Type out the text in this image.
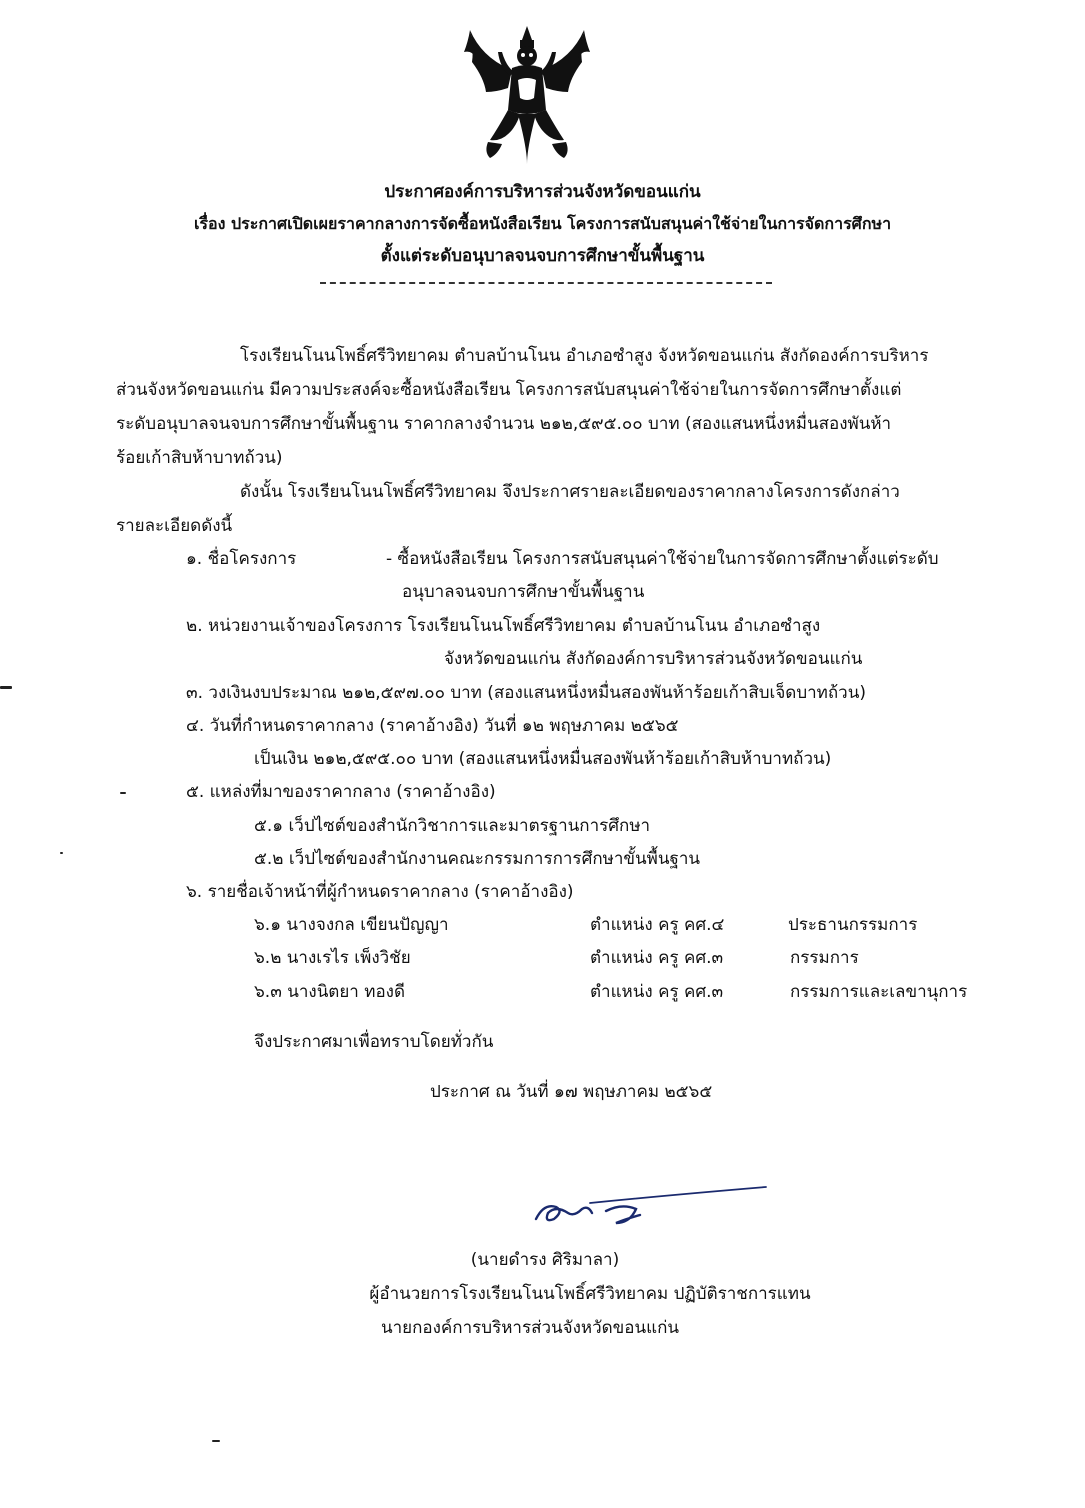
ประกาศองค์การบริหารส่วนจังหวัดขอนแก่น
เรื่อง ประกาศเปิดเผยราคากลางการจัดซื้อหนังสือเรียน โครงการสนับสนุนค่าใช้จ่ายในการจัดการศึกษา
ตั้งแต่ระดับอนุบาลจนจบการศึกษาขั้นพื้นฐาน
โรงเรียนโนนโพธิ์ศรีวิทยาคม ตำบลบ้านโนน อำเภอซำสูง จังหวัดขอนแก่น สังกัดองค์การบริหาร
ส่วนจังหวัดขอนแก่น มีความประสงค์จะซื้อหนังสือเรียน โครงการสนับสนุนค่าใช้จ่ายในการจัดการศึกษาตั้งแต่
ระดับอนุบาลจนจบการศึกษาขั้นพื้นฐาน ราคากลางจำนวน ๒๑๒,๕๙๕.๐๐ บาท (สองแสนหนึ่งหมื่นสองพันห้า
ร้อยเก้าสิบห้าบาทถ้วน)
ดังนั้น โรงเรียนโนนโพธิ์ศรีวิทยาคม จึงประกาศรายละเอียดของราคากลางโครงการดังกล่าว
รายละเอียดดังนี้
๑. ชื่อโครงการ	- ซื้อหนังสือเรียน โครงการสนับสนุนค่าใช้จ่ายในการจัดการศึกษาตั้งแต่ระดับ
อนุบาลจนจบการศึกษาขั้นพื้นฐาน
๒. หน่วยงานเจ้าของโครงการ โรงเรียนโนนโพธิ์ศรีวิทยาคม ตำบลบ้านโนน อำเภอซำสูง
จังหวัดขอนแก่น สังกัดองค์การบริหารส่วนจังหวัดขอนแก่น
๓. วงเงินงบประมาณ ๒๑๒,๕๙๗.๐๐ บาท (สองแสนหนึ่งหมื่นสองพันห้าร้อยเก้าสิบเจ็ดบาทถ้วน)
๔. วันที่กำหนดราคากลาง (ราคาอ้างอิง) วันที่ ๑๒ พฤษภาคม ๒๕๖๕
เป็นเงิน ๒๑๒,๕๙๕.๐๐ บาท (สองแสนหนึ่งหมื่นสองพันห้าร้อยเก้าสิบห้าบาทถ้วน)
๕. แหล่งที่มาของราคากลาง (ราคาอ้างอิง)
๕.๑ เว็ปไซต์ของสำนักวิชาการและมาตรฐานการศึกษา
๕.๒ เว็ปไซต์ของสำนักงานคณะกรรมการการศึกษาขั้นพื้นฐาน
๖. รายชื่อเจ้าหน้าที่ผู้กำหนดราคากลาง (ราคาอ้างอิง)
๖.๑ นางจงกล เขียนปัญญา	ตำแหน่ง ครู คศ.๔	ประธานกรรมการ
๖.๒ นางเรไร เพ็งวิชัย	ตำแหน่ง ครู คศ.๓	กรรมการ
๖.๓ นางนิตยา ทองดี	ตำแหน่ง ครู คศ.๓	กรรมการและเลขานุการ
จึงประกาศมาเพื่อทราบโดยทั่วกัน
ประกาศ ณ วันที่ ๑๗ พฤษภาคม ๒๕๖๕
(นายดำรง ศิริมาลา)
ผู้อำนวยการโรงเรียนโนนโพธิ์ศรีวิทยาคม ปฏิบัติราชการแทน
นายกองค์การบริหารส่วนจังหวัดขอนแก่น
